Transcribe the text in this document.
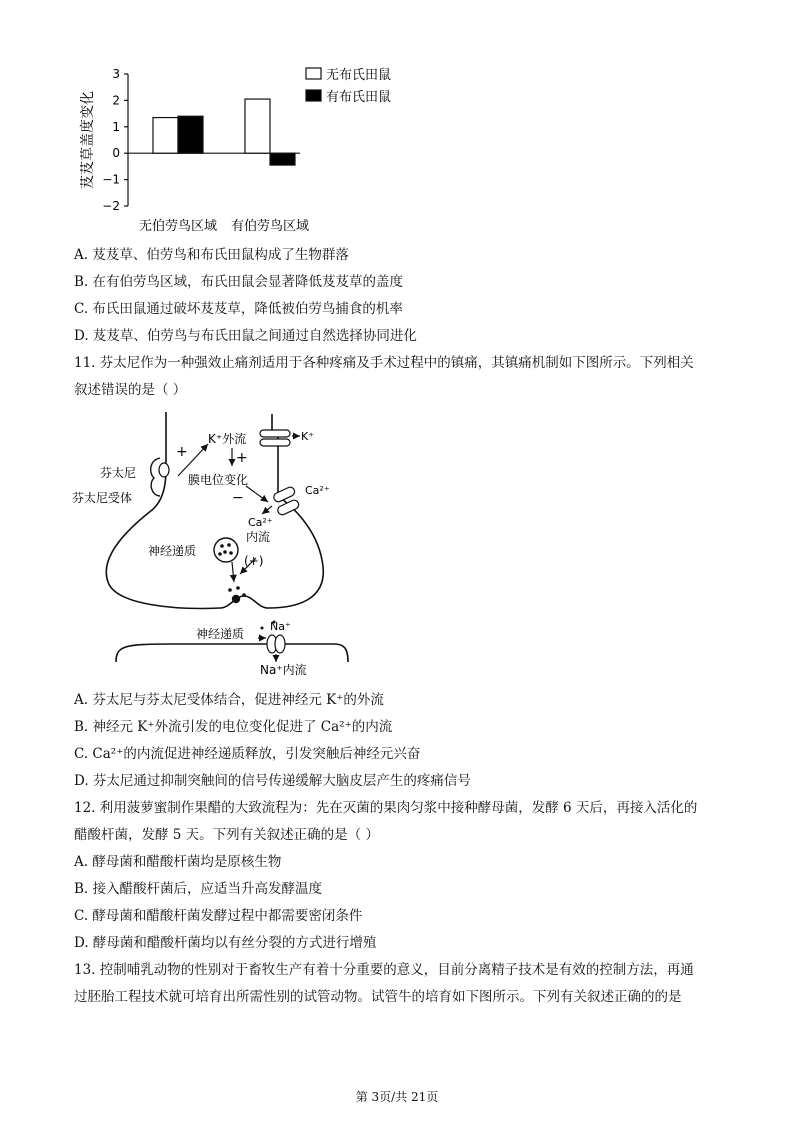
3
2
1
0
−1
−2
芨芨草盖度变化
无伯劳鸟区域 有伯劳鸟区域
无布氏田鼠
有布氏田鼠
A. 芨芨草、伯劳鸟和布氏田鼠构成了生物群落
B. 在有伯劳鸟区域，布氏田鼠会显著降低芨芨草的盖度
C. 布氏田鼠通过破坏芨芨草，降低被伯劳鸟捕食的机率
D. 芨芨草、伯劳鸟与布氏田鼠之间通过自然选择协同进化
11. 芬太尼作为一种强效止痛剂适用于各种疼痛及手术过程中的镇痛，其镇痛机制如下图所示。下列相关
叙述错误的是（ ）
K⁺外流	K⁺
+	+
膜电位变化
−	Ca²⁺
Ca²⁺
内流
(+)
芬太尼
芬太尼受体
神经递质
神经递质
Na⁺
Na⁺内流
A. 芬太尼与芬太尼受体结合，促进神经元 K⁺的外流
B. 神经元 K⁺外流引发的电位变化促进了 Ca²⁺的内流
C. Ca²⁺的内流促进神经递质释放，引发突触后神经元兴奋
D. 芬太尼通过抑制突触间的信号传递缓解大脑皮层产生的疼痛信号
12. 利用菠萝蜜制作果醋的大致流程为：先在灭菌的果肉匀浆中接种酵母菌，发酵 6 天后，再接入活化的
醋酸杆菌，发酵 5 天。下列有关叙述正确的是（ ）
A. 酵母菌和醋酸杆菌均是原核生物
B. 接入醋酸杆菌后，应适当升高发酵温度
C. 酵母菌和醋酸杆菌发酵过程中都需要密闭条件
D. 酵母菌和醋酸杆菌均以有丝分裂的方式进行增殖
13. 控制哺乳动物的性别对于畜牧生产有着十分重要的意义，目前分离精子技术是有效的控制方法，再通
过胚胎工程技术就可培育出所需性别的试管动物。试管牛的培育如下图所示。下列有关叙述正确的的是
第 3页/共 21页
